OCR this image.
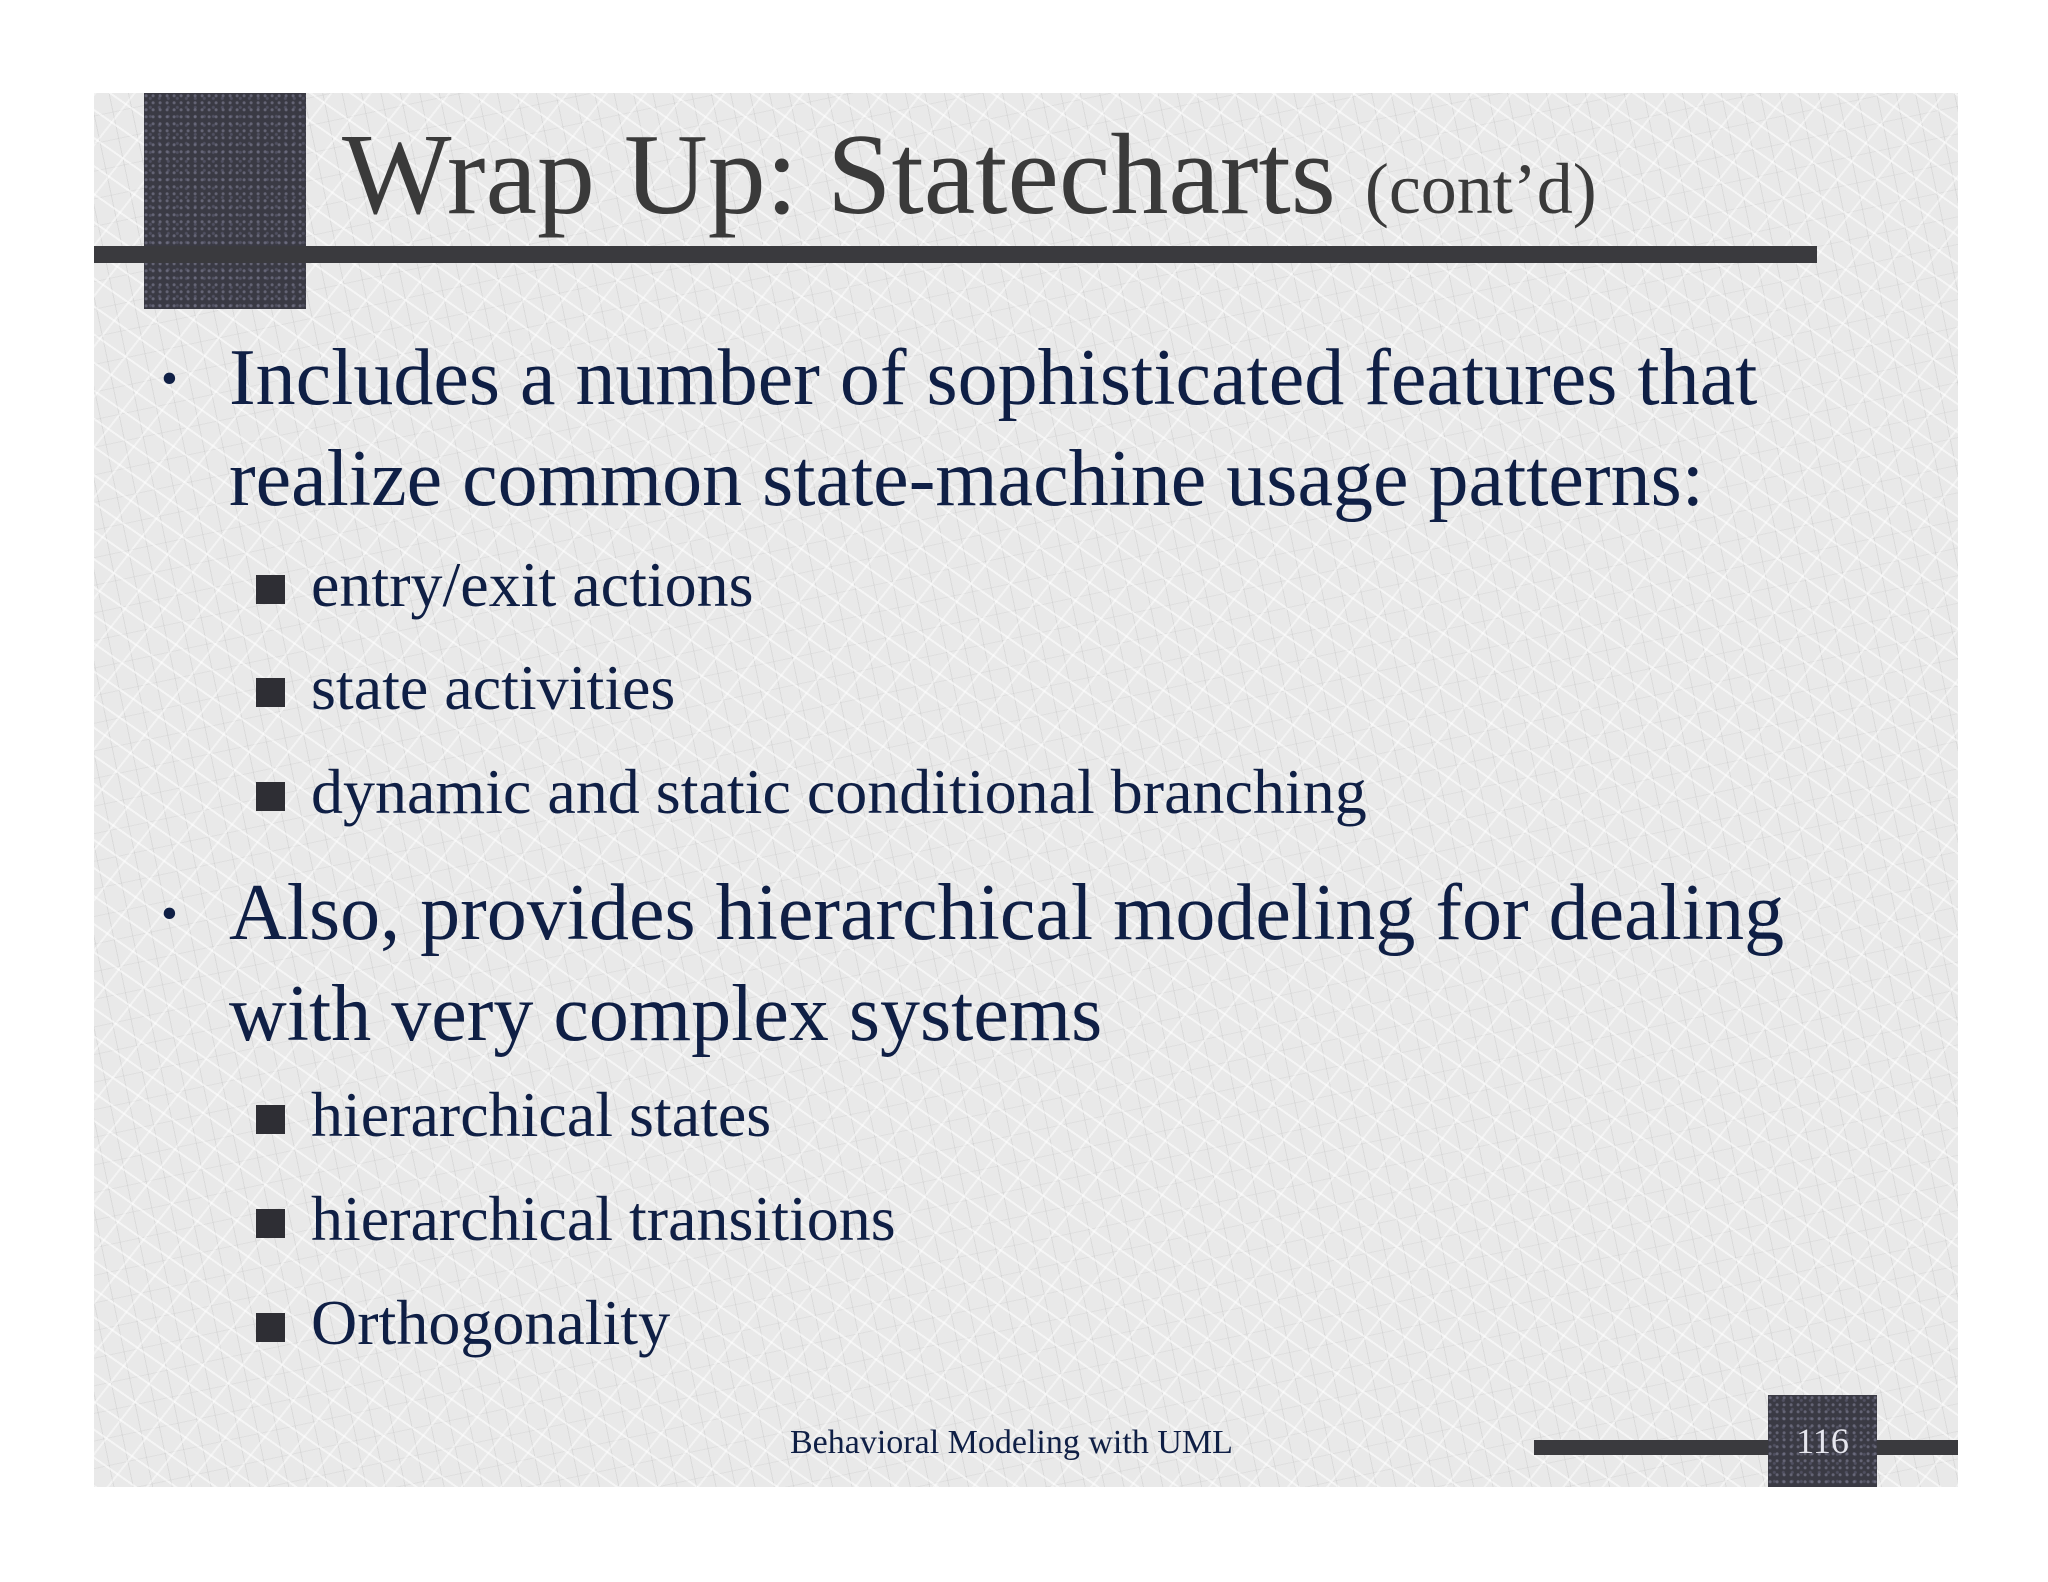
Wrap Up: Statecharts (cont’d)
• Includes a number of sophisticated features that
realize common state-machine usage patterns:
entry/exit actions
state activities
dynamic and static conditional branching
• Also, provides hierarchical modeling for dealing
with very complex systems
hierarchical states
hierarchical transitions
Orthogonality
Behavioral Modeling with UML	116
